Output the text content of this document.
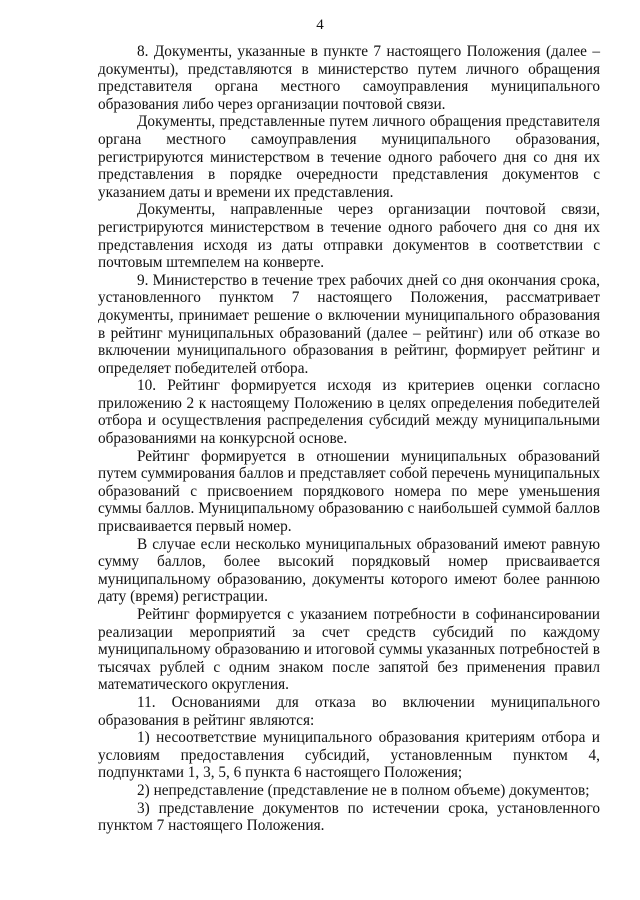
4

8. Документы, указанные в пункте 7 настоящего Положения (далее – документы), представляются в министерство путем личного обращения представителя органа местного самоуправления муниципального образования либо через организации почтовой связи.

Документы, представленные путем личного обращения представителя органа местного самоуправления муниципального образования, регистрируются министерством в течение одного рабочего дня со дня их представления в порядке очередности представления документов с указанием даты и времени их представления.

Документы, направленные через организации почтовой связи, регистрируются министерством в течение одного рабочего дня со дня их представления исходя из даты отправки документов в соответствии с почтовым штемпелем на конверте.

9. Министерство в течение трех рабочих дней со дня окончания срока, установленного пунктом 7 настоящего Положения, рассматривает документы, принимает решение о включении муниципального образования в рейтинг муниципальных образований (далее – рейтинг) или об отказе во включении муниципального образования в рейтинг, формирует рейтинг и определяет победителей отбора.

10. Рейтинг формируется исходя из критериев оценки согласно приложению 2 к настоящему Положению в целях определения победителей отбора и осуществления распределения субсидий между муниципальными образованиями на конкурсной основе.

Рейтинг формируется в отношении муниципальных образований путем суммирования баллов и представляет собой перечень муниципальных образований с присвоением порядкового номера по мере уменьшения суммы баллов. Муниципальному образованию с наибольшей суммой баллов присваивается первый номер.

В случае если несколько муниципальных образований имеют равную сумму баллов, более высокий порядковый номер присваивается муниципальному образованию, документы которого имеют более раннюю дату (время) регистрации.

Рейтинг формируется с указанием потребности в софинансировании реализации мероприятий за счет средств субсидий по каждому муниципальному образованию и итоговой суммы указанных потребностей в тысячах рублей с одним знаком после запятой без применения правил математического округления.

11. Основаниями для отказа во включении муниципального образования в рейтинг являются:

1) несоответствие муниципального образования критериям отбора и условиям предоставления субсидий, установленным пунктом 4, подпунктами 1, 3, 5, 6 пункта 6 настоящего Положения;

2) непредставление (представление не в полном объеме) документов;

3) представление документов по истечении срока, установленного пунктом 7 настоящего Положения.
